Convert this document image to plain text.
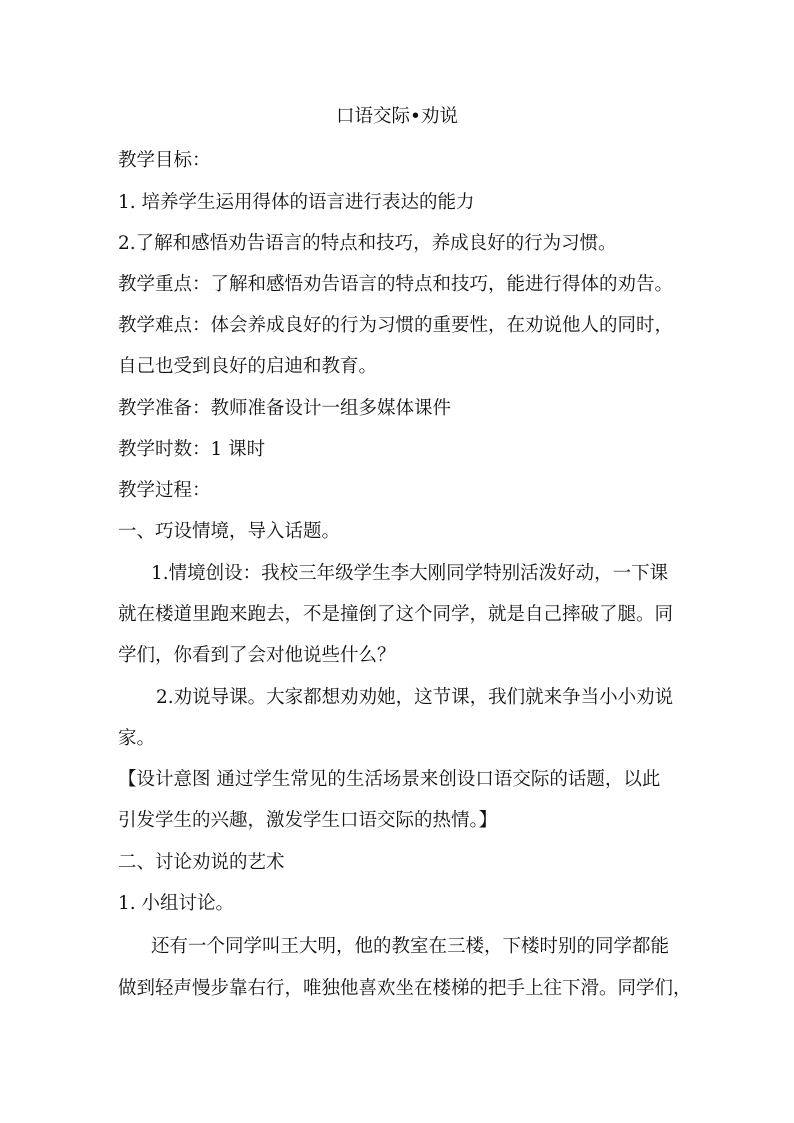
口语交际•劝说
教学目标：
1. 培养学生运用得体的语言进行表达的能力
2.了解和感悟劝告语言的特点和技巧，养成良好的行为习惯。
教学重点：了解和感悟劝告语言的特点和技巧，能进行得体的劝告。
教学难点：体会养成良好的行为习惯的重要性，在劝说他人的同时，
自己也受到良好的启迪和教育。
教学准备：教师准备设计一组多媒体课件
教学时数：1 课时
教学过程：
一、巧设情境，导入话题。
1.情境创设：我校三年级学生李大刚同学特别活泼好动，一下课
就在楼道里跑来跑去，不是撞倒了这个同学，就是自己摔破了腿。同
学们，你看到了会对他说些什么？
2.劝说导课。大家都想劝劝她，这节课，我们就来争当小小劝说
家。
【设计意图 通过学生常见的生活场景来创设口语交际的话题，以此
引发学生的兴趣，激发学生口语交际的热情。】
二、讨论劝说的艺术
1. 小组讨论。
还有一个同学叫王大明，他的教室在三楼，下楼时别的同学都能
做到轻声慢步靠右行，唯独他喜欢坐在楼梯的把手上往下滑。同学们，
